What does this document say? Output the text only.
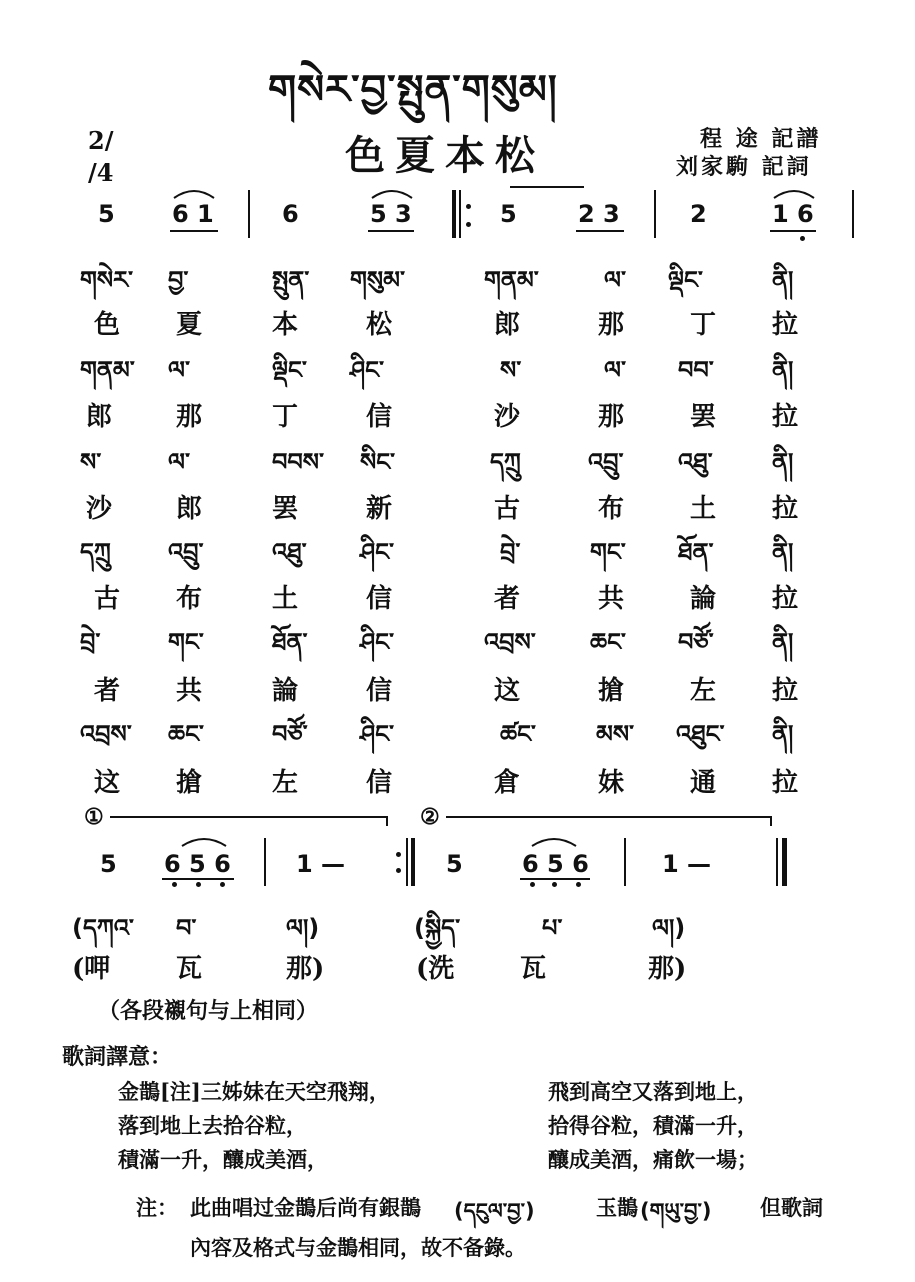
གསེར་བྱ་སྤུན་གསུམ།
色夏本松
2/
/4
程 途 記譜
刘家駒 記詞
5 6 1	6	5 3	5	2 3	2	1 6
གསེར་ བྱ་	སྤུན་ གསུམ་	གནམ་	ལ་ ལྡིང་	ནི།
色 夏	本	松	郎	那	丁 拉
གནམ་ ལ་	ལྡིང་ ཤིང་	ས་	ལ་ བབ་ ནི།
郎 那	丁	信	沙	那	罢 拉
ས་	ལ་	བབས་ སིང་	དཀྲུ	འབྲུ་ འཐུ་ ནི།
沙 郎	罢	新	古	布	土 拉
དཀྲུ འབྲུ་	འཐུ་ ཤིང་	བྲེ་	གང་ ཐོན་ ནི།
古 布	土	信	者	共	論 拉
བྲེ་	གང་	ཐོན་ ཤིང་	འབྲས་ ཆང་ བཙོ་ ནི།
者 共	論	信	这	搶	左 拉
འབྲས་ ཆང་	བཙོ་ ཤིང་	ཚང་	མས་ འཐུང་ ནི།
这 搶	左	信	倉	妹	通 拉
①	②
5 6 5 6	1 —	5 6 5 6	1 —
(དཀའ་ བ་	ལ།)	(སྐྱིད་	པ་	ལ།)
(呷	瓦	那)	(洗	瓦	那)
（各段襯句与上相同）
歌詞譯意：
金鵲[注]三姊妹在天空飛翔，	飛到高空又落到地上，
落到地上去拾谷粒，	拾得谷粒，積滿一升，
積滿一升，釀成美酒，	釀成美酒，痛飲一場；
注： 此曲唱过金鵲后尚有銀鵲 (དངུལ་བྱ་)	玉鵲 (གཡུ་བྱ་) 但歌詞
內容及格式与金鵲相同，故不备錄。
